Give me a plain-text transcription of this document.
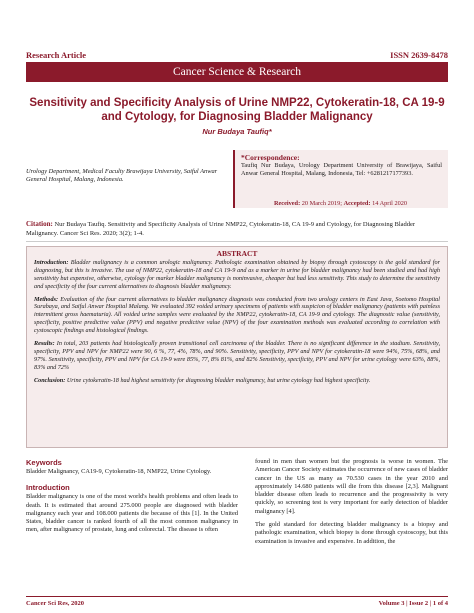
Research Article	ISSN 2639-8478
Cancer Science & Research
Sensitivity and Specificity Analysis of Urine NMP22, Cytokeratin-18, CA 19-9 and Cytology, for Diagnosing Bladder Malignancy
Nur Budaya Taufiq*
Urology Department, Medical Faculty Brawijaya University, Saiful Anwar General Hospital, Malang, Indonesia.
*Correspondence:
Taufiq Nur Budaya, Urology Department University of Brawijaya, Saiful Anwar General Hospital, Malang, Indonesia, Tel: +6281217177393.
Received: 20 March 2019; Accepted: 14 April 2020
Citation: Nur Budaya Taufiq. Sensitivity and Specificity Analysis of Urine NMP22, Cytokeratin-18, CA 19-9 and Cytology, for Diagnosing Bladder Malignancy. Cancer Sci Res. 2020; 3(2); 1-4.
ABSTRACT

Introduction: Bladder malignancy is a common urologic malignancy. Pathologic examination obtained by biopsy through cystoscopy is the gold standard for diagnosing, but this is invasive. The use of NMP22, cytokeratin-18 and CA 19-9 and as a marker in urine for bladder malignancy had been studied and had high sensitivity but expensive, otherwise, cytology for marker bladder malignancy is noninvasive, cheaper but had less sensitivity. This study to determine the sensitivity and specificity of the four current alternatives to diagnosis bladder malignancy.

Methods: Evaluation of the four current alternatives to bladder malignancy diagnosis was conducted from two urology centers in East Java, Soetomo Hospital Surabaya, and Saiful Anwar Hospital Malang. We evaluated 392 voided urinary specimens of patients with suspicion of bladder malignancy (patients with painless intermittent gross haematuria). All voided urine samples were evaluated by the NMP22, cytokeratin-18, CA 19-9 and cytology. The diagnostic value (sensitivity, specificity, positive predictive value (PPV) and negative predictive value (NPV) of the four examination methods was evaluated according to correlation with cystoscopic findings and histological findings.

Results: In total, 203 patients had histologically proven transitional cell carcinoma of the bladder. There is no significant difference in the stadium. Sensitivity, specificity, PPV and NPV for NMP22 were 90, 6 %, 77, 4%, 78%, and 90%. Sensitivity, specificity, PPV and NPV for cytokeratin-18 were 94%, 75%, 68%, and 97%. Sensitivity, specificity, PPV and NPV for CA 19-9 were 85%, 77, 8% 81%, and 82% Sensitivity, specificity, PPV and NPV for urine cytology were 63%, 88%, 83% and 72%

Conclusion: Urine cytokeratin-18 had highest sensitivity for diagnosing bladder malignancy, but urine cytology had highest specificity.

Keywords
Bladder Malignancy, CA19-9, Cytokeratin-18, NMP22, Urine Cytology.
Introduction
Bladder malignancy is one of the most world's health problems and often leads to death. It is estimated that around 275.000 people are diagnosed with bladder malignancy each year and 108.000 patients die because of this [1]. In the United States, bladder cancer is ranked fourth of all the most common malignancy in men, after malignancy of prostate, lung and colorectal. The disease is often

found in men than women but the prognosis is worse in women. The American Cancer Society estimates the occurrence of new cases of bladder cancer in the US as many as 70.530 cases in the year 2010 and approximately 14.680 patients will die from this disease [2,3]. Malignant bladder disease often leads to recurrence and the progressivity is very quickly, so screening test is very important for early detection of bladder malignancy [4].

The gold standard for detecting bladder malignancy is a biopsy and pathologic examination, which biopsy is done through cystoscopy, but this examination is invasive and expensive. In addition, the

Cancer Sci Res, 2020	Volume 3 | Issue 2 | 1 of 4
